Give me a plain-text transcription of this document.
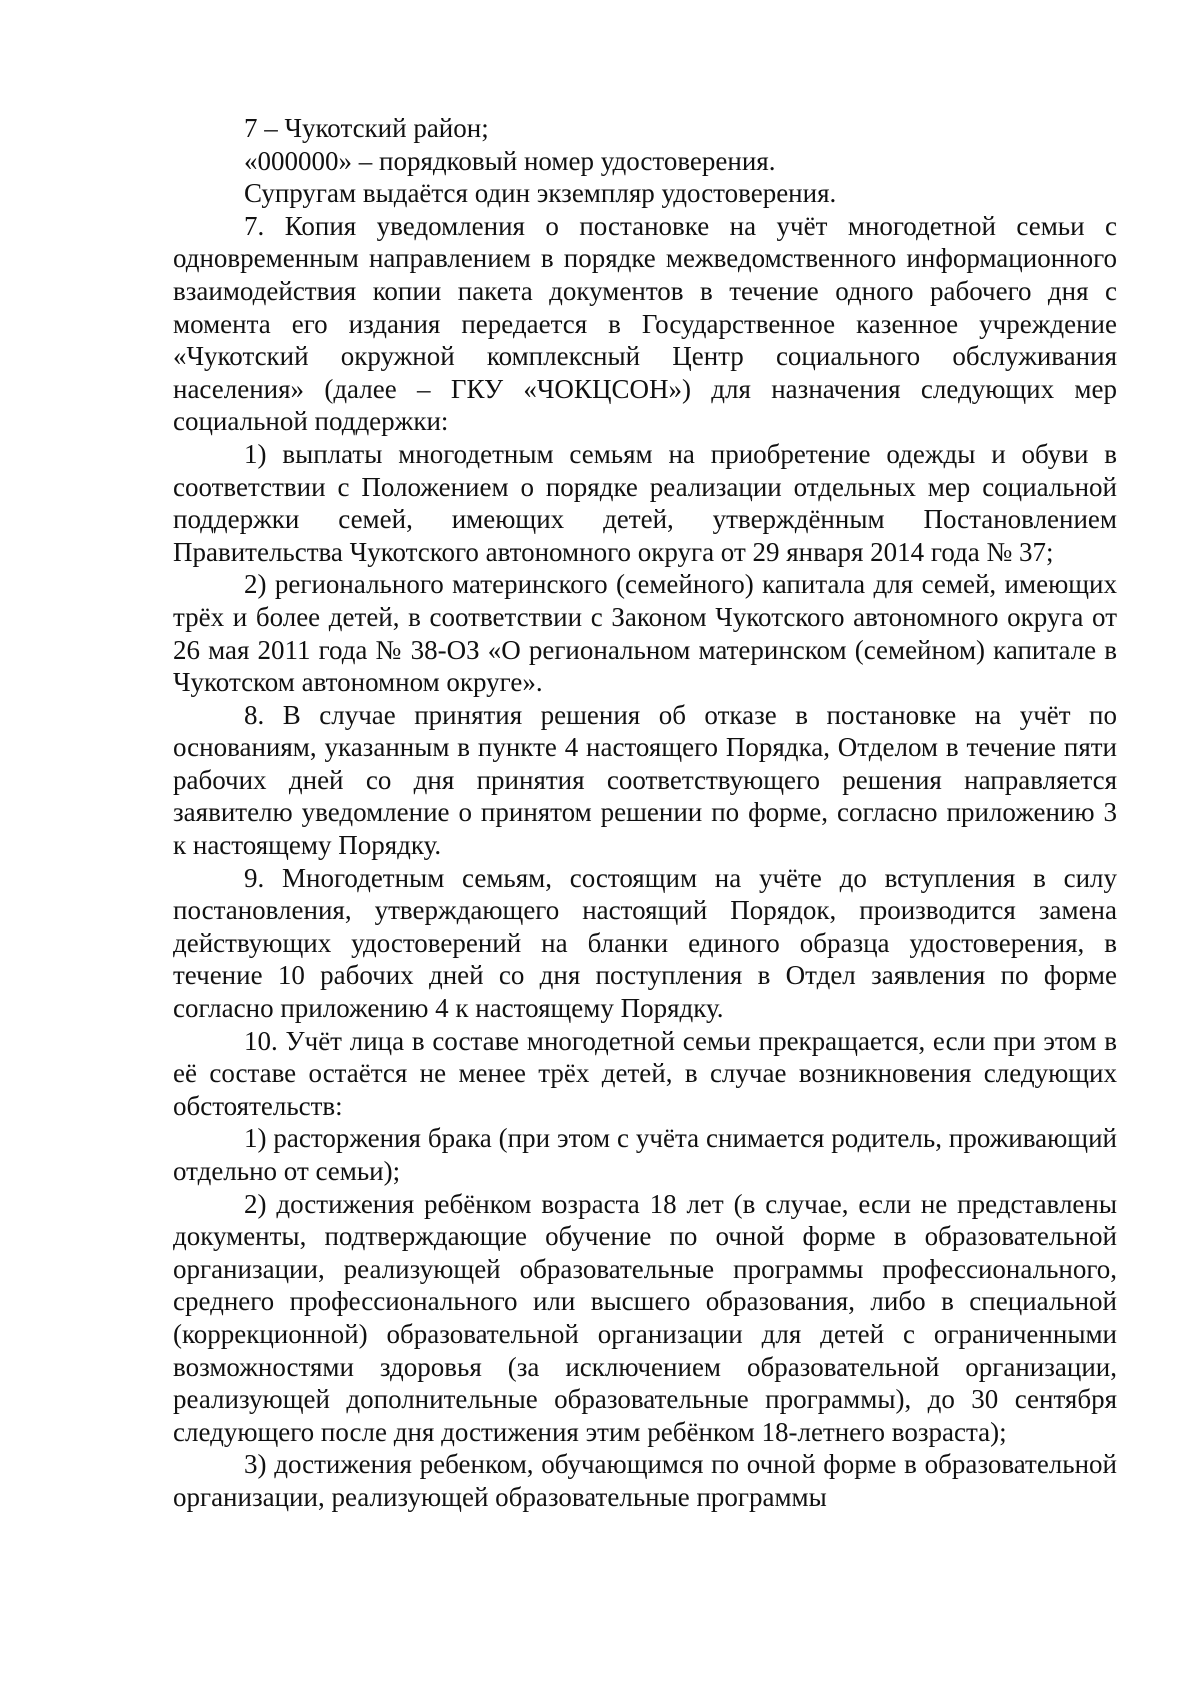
7 – Чукотский район;

«000000» – порядковый номер удостоверения.

Супругам выдаётся один экземпляр удостоверения.

7. Копия уведомления о постановке на учёт многодетной семьи с одновременным направлением в порядке межведомственного информационного взаимодействия копии пакета документов в течение одного рабочего дня с момента его издания передается в Государственное казенное учреждение «Чукотский окружной комплексный Центр социального обслуживания населения» (далее – ГКУ «ЧОКЦСОН») для назначения следующих мер социальной поддержки:

1) выплаты многодетным семьям на приобретение одежды и обуви в соответствии с Положением о порядке реализации отдельных мер социальной поддержки семей, имеющих детей, утверждённым Постановлением Правительства Чукотского автономного округа от 29 января 2014 года № 37;

2) регионального материнского (семейного) капитала для семей, имеющих трёх и более детей, в соответствии с Законом Чукотского автономного округа от 26 мая 2011 года № 38-ОЗ «О региональном материнском (семейном) капитале в Чукотском автономном округе».

8. В случае принятия решения об отказе в постановке на учёт по основаниям, указанным в пункте 4 настоящего Порядка, Отделом в течение пяти рабочих дней со дня принятия соответствующего решения направляется заявителю уведомление о принятом решении по форме, согласно приложению 3 к настоящему Порядку.

9. Многодетным семьям, состоящим на учёте до вступления в силу постановления, утверждающего настоящий Порядок, производится замена действующих удостоверений на бланки единого образца удостоверения, в течение 10 рабочих дней со дня поступления в Отдел заявления по форме согласно приложению 4 к настоящему Порядку.

10. Учёт лица в составе многодетной семьи прекращается, если при этом в её составе остаётся не менее трёх детей, в случае возникновения следующих обстоятельств:

1) расторжения брака (при этом с учёта снимается родитель, проживающий отдельно от семьи);

2) достижения ребёнком возраста 18 лет (в случае, если не представлены документы, подтверждающие обучение по очной форме в образовательной организации, реализующей образовательные программы профессионального, среднего профессионального или высшего образования, либо в специальной (коррекционной) образовательной организации для детей с ограниченными возможностями здоровья (за исключением образовательной организации, реализующей дополнительные образовательные программы), до 30 сентября следующего после дня достижения этим ребёнком 18-летнего возраста);

3) достижения ребенком, обучающимся по очной форме в образовательной организации, реализующей образовательные программы
